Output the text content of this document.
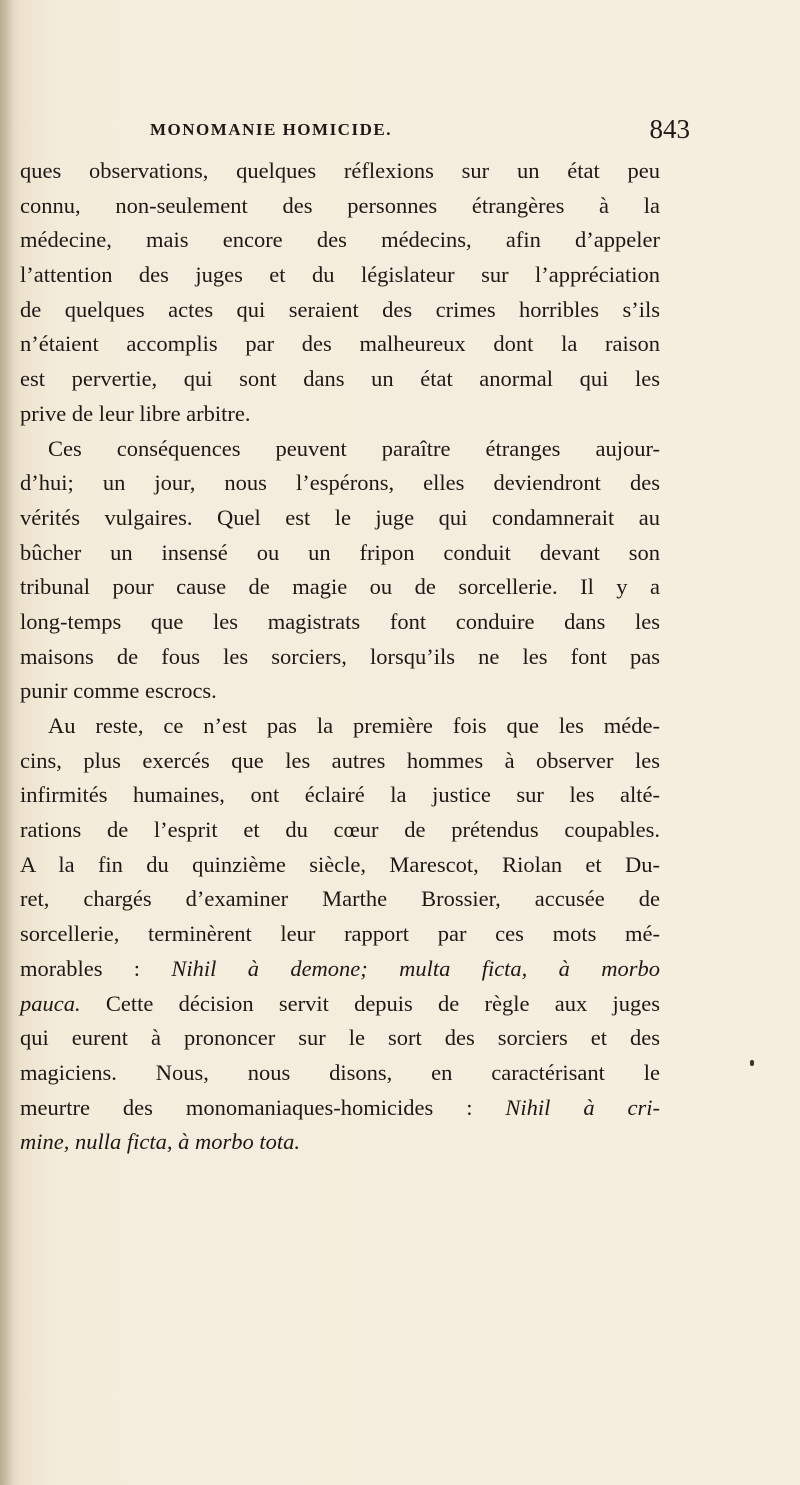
MONOMANIE HOMICIDE.	843
ques observations, quelques réflexions sur un état peu
connu, non-seulement des personnes étrangères à la
médecine, mais encore des médecins, afin d’appeler
l’attention des juges et du législateur sur l’appréciation
de quelques actes qui seraient des crimes horribles s’ils
n’étaient accomplis par des malheureux dont la raison
est pervertie, qui sont dans un état anormal qui les
prive de leur libre arbitre.
Ces conséquences peuvent paraître étranges aujour-
d’hui; un jour, nous l’espérons, elles deviendront des
vérités vulgaires. Quel est le juge qui condamnerait au
bûcher un insensé ou un fripon conduit devant son
tribunal pour cause de magie ou de sorcellerie. Il y a
long-temps que les magistrats font conduire dans les
maisons de fous les sorciers, lorsqu’ils ne les font pas
punir comme escrocs.
Au reste, ce n’est pas la première fois que les méde-
cins, plus exercés que les autres hommes à observer les
infirmités humaines, ont éclairé la justice sur les alté-
rations de l’esprit et du cœur de prétendus coupables.
A la fin du quinzième siècle, Marescot, Riolan et Du-
ret, chargés d’examiner Marthe Brossier, accusée de
sorcellerie, terminèrent leur rapport par ces mots mé-
morables : Nihil à demone; multa ficta, à morbo
pauca. Cette décision servit depuis de règle aux juges
qui eurent à prononcer sur le sort des sorciers et des
magiciens. Nous, nous disons, en caractérisant le
meurtre des monomaniaques-homicides : Nihil à cri-
mine, nulla ficta, à morbo tota.
